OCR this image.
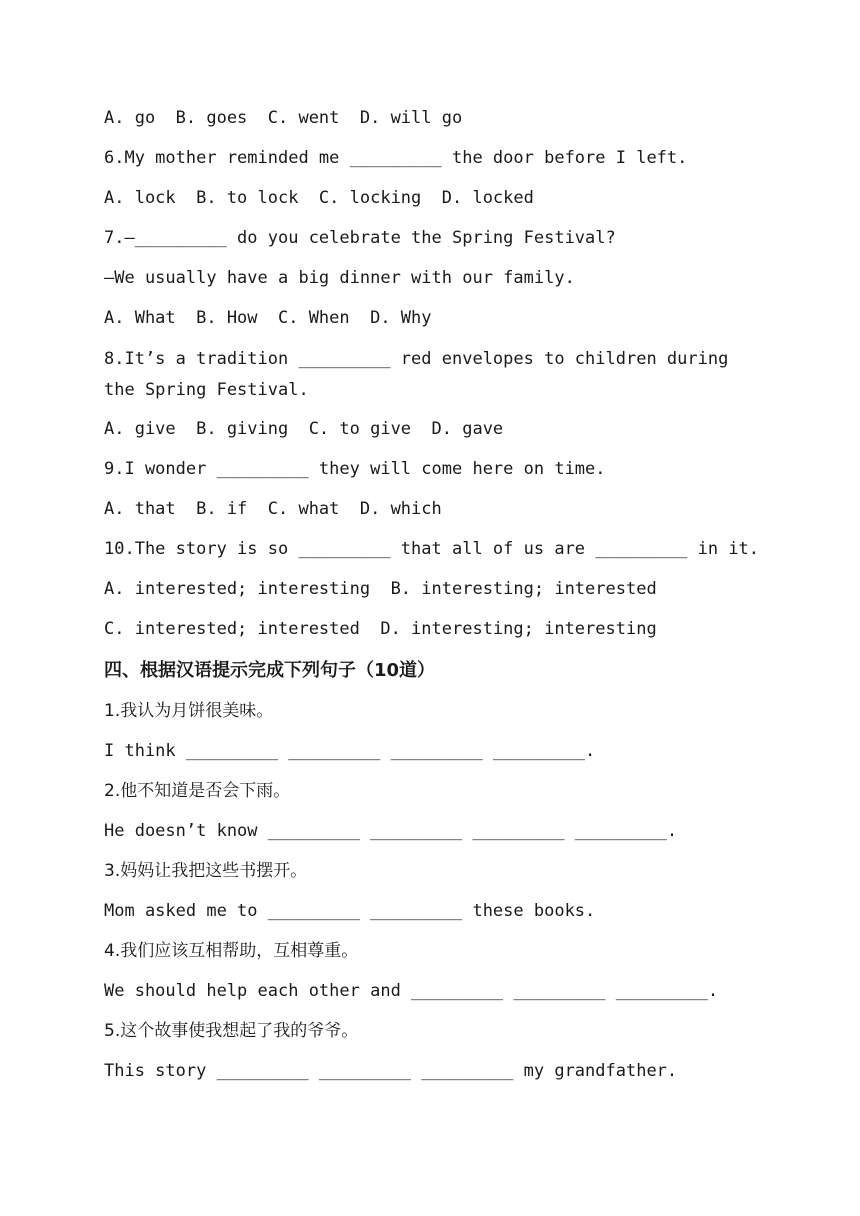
A. go  B. goes  C. went  D. will go
6.My mother reminded me _________ the door before I left.
A. lock  B. to lock  C. locking  D. locked
7.—_________ do you celebrate the Spring Festival?
—We usually have a big dinner with our family.
A. What  B. How  C. When  D. Why
8.It’s a tradition _________ red envelopes to children during the Spring Festival.
A. give  B. giving  C. to give  D. gave
9.I wonder _________ they will come here on time.
A. that  B. if  C. what  D. which
10.The story is so _________ that all of us are _________ in it.
A. interested; interesting  B. interesting; interested
C. interested; interested  D. interesting; interesting
四、根据汉语提示完成下列句子（10道）
1.我认为月饼很美味。
I think _________ _________ _________ _________.
2.他不知道是否会下雨。
He doesn’t know _________ _________ _________ _________.
3.妈妈让我把这些书摆开。
Mom asked me to _________ _________ these books.
4.我们应该互相帮助，互相尊重。
We should help each other and _________ _________ _________.
5.这个故事使我想起了我的爷爷。
This story _________ _________ _________ my grandfather.
